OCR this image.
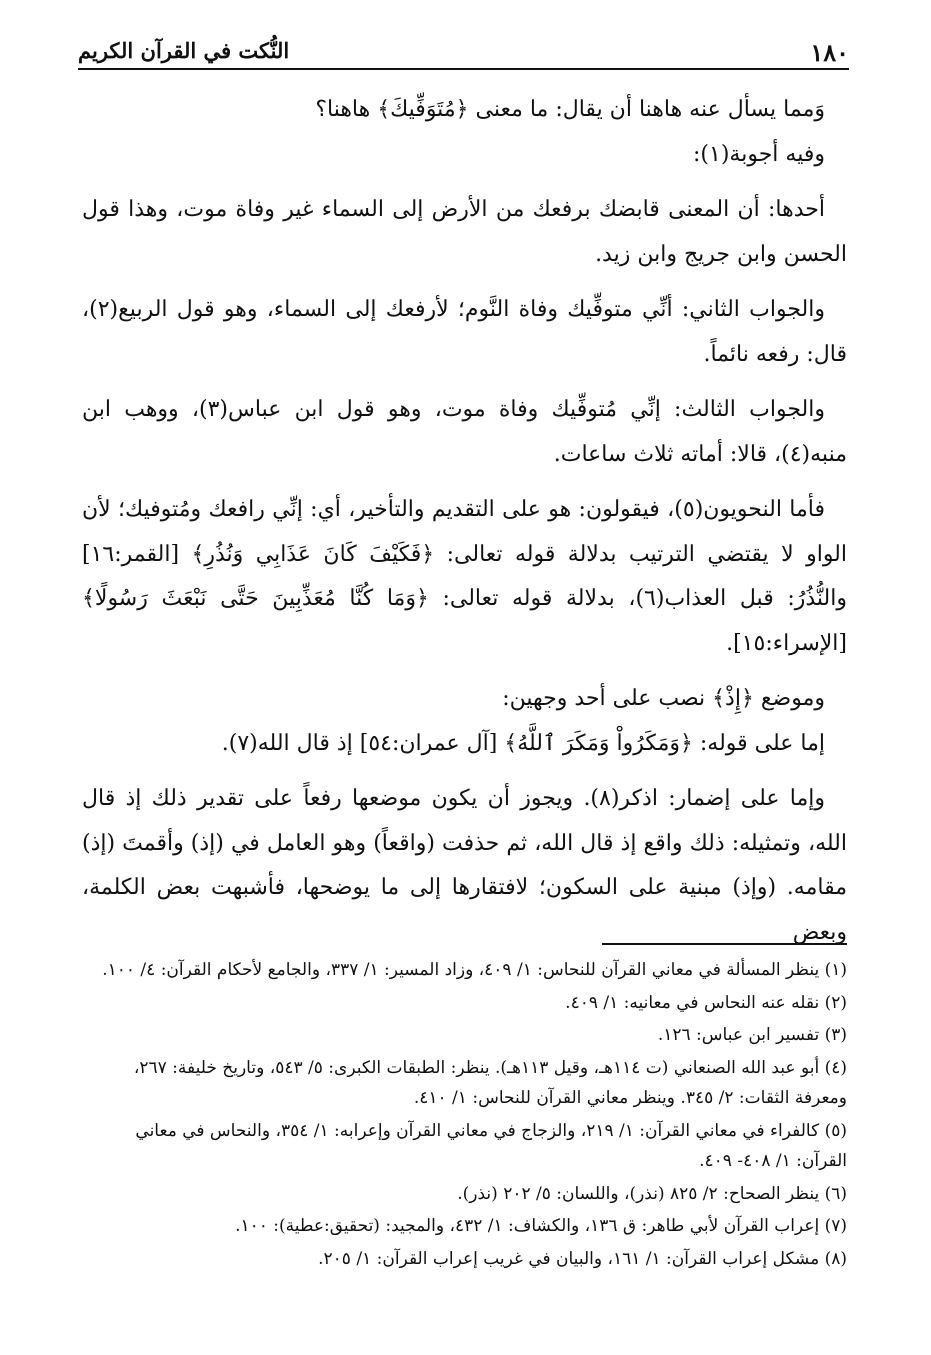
١٨٠
النُّكت في القرآن الكريم

وَمما يسأل عنه هاهنا أن يقال: ما معنى ﴿مُتَوَفِّيكَ﴾ هاهنا؟

وفيه أجوبة(١):

أحدها: أن المعنى قابضك برفعك من الأرض إلى السماء غير وفاة موت، وهذا قول الحسن وابن جريج وابن زيد.

والجواب الثاني: أنِّي متوفِّيك وفاة النَّوم؛ لأرفعك إلى السماء، وهو قول الربيع(٢)، قال: رفعه نائماً.

والجواب الثالث: إنِّي مُتوفِّيك وفاة موت، وهو قول ابن عباس(٣)، ووهب ابن منبه(٤)، قالا: أماته ثلاث ساعات.

فأما النحويون(٥)، فيقولون: هو على التقديم والتأخير، أي: إنِّي رافعك ومُتوفيك؛ لأن الواو لا يقتضي الترتيب بدلالة قوله تعالى: ﴿فَكَيْفَ كَانَ عَذَابِي وَنُذُرِ﴾ [القمر:١٦] والنُّذُرُ: قبل العذاب(٦)، بدلالة قوله تعالى: ﴿وَمَا كُنَّا مُعَذِّبِينَ حَتَّى نَبْعَثَ رَسُولًا﴾ [الإسراء:١٥].

وموضع ﴿إِذْ﴾ نصب على أحد وجهين:

إما على قوله: ﴿وَمَكَرُواْ وَمَكَرَ ٱللَّهُ﴾ [آل عمران:٥٤] إذ قال الله(٧).

وإما على إضمار: اذكر(٨). ويجوز أن يكون موضعها رفعاً على تقدير ذلك إذ قال الله، وتمثيله: ذلك واقع إذ قال الله، ثم حذفت (واقعاً) وهو العامل في (إذ) وأقمتَ (إذ) مقامه. (وإذ) مبنية على السكون؛ لافتقارها إلى ما يوضحها، فأشبهت بعض الكلمة، وبعض

(١) ينظر المسألة في معاني القرآن للنحاس: ١/ ٤٠٩، وزاد المسير: ١/ ٣٣٧، والجامع لأحكام القرآن: ٤/ ١٠٠.

(٢) نقله عنه النحاس في معانيه: ١/ ٤٠٩.

(٣) تفسير ابن عباس: ١٢٦.

(٤) أبو عبد الله الصنعاني (ت ١١٤هـ، وقيل ١١٣هـ). ينظر: الطبقات الكبرى: ٥/ ٥٤٣، وتاريخ خليفة: ٢٦٧، ومعرفة الثقات: ٢/ ٣٤٥. وينظر معاني القرآن للنحاس: ١/ ٤١٠.

(٥) كالفراء في معاني القرآن: ١/ ٢١٩، والزجاج في معاني القرآن وإعرابه: ١/ ٣٥٤، والنحاس في معاني القرآن: ١/ ٤٠٨- ٤٠٩.

(٦) ينظر الصحاح: ٢/ ٨٢٥ (نذر)، واللسان: ٥/ ٢٠٢ (نذر).

(٧) إعراب القرآن لأبي طاهر: ق ١٣٦، والكشاف: ١/ ٤٣٢، والمجيد: (تحقيق:عطية): ١٠٠.

(٨) مشكل إعراب القرآن: ١/ ١٦١، والبيان في غريب إعراب القرآن: ١/ ٢٠٥.
